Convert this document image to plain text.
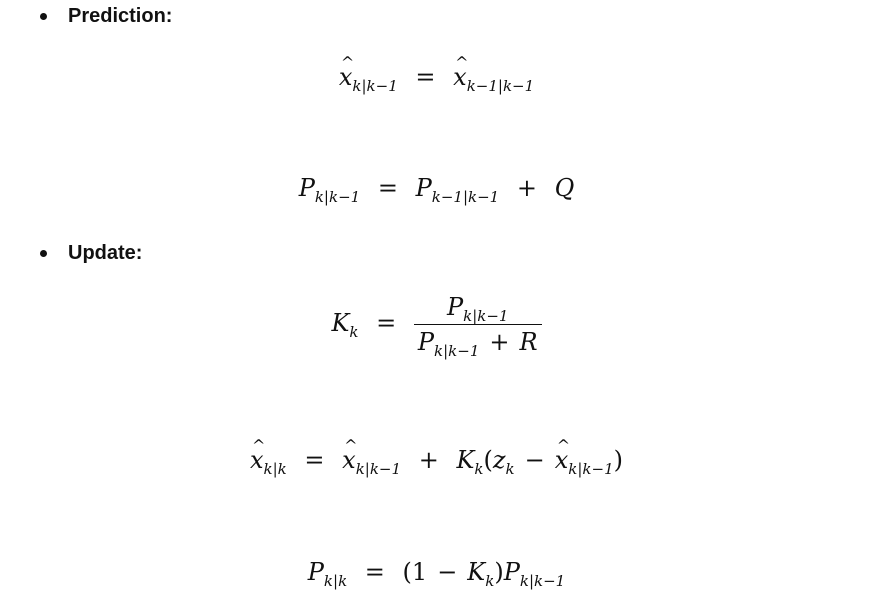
Prediction:
^ $x_{k|k-1}$ = ^ $x_{k-1|k-1}$
$P_{k|k-1} = P_{k-1|k-1} + Q$
Update:
$K_k = \frac{P_{k|k-1}}{P_{k|k-1} + R}$
^ $x_{k|k}$ = ^ $x_{k|k-1} + K_k(z_k$ − ^ $x_{k|k-1}$)
$P_{k|k} = (1 - K_k)P_{k|k-1}$
